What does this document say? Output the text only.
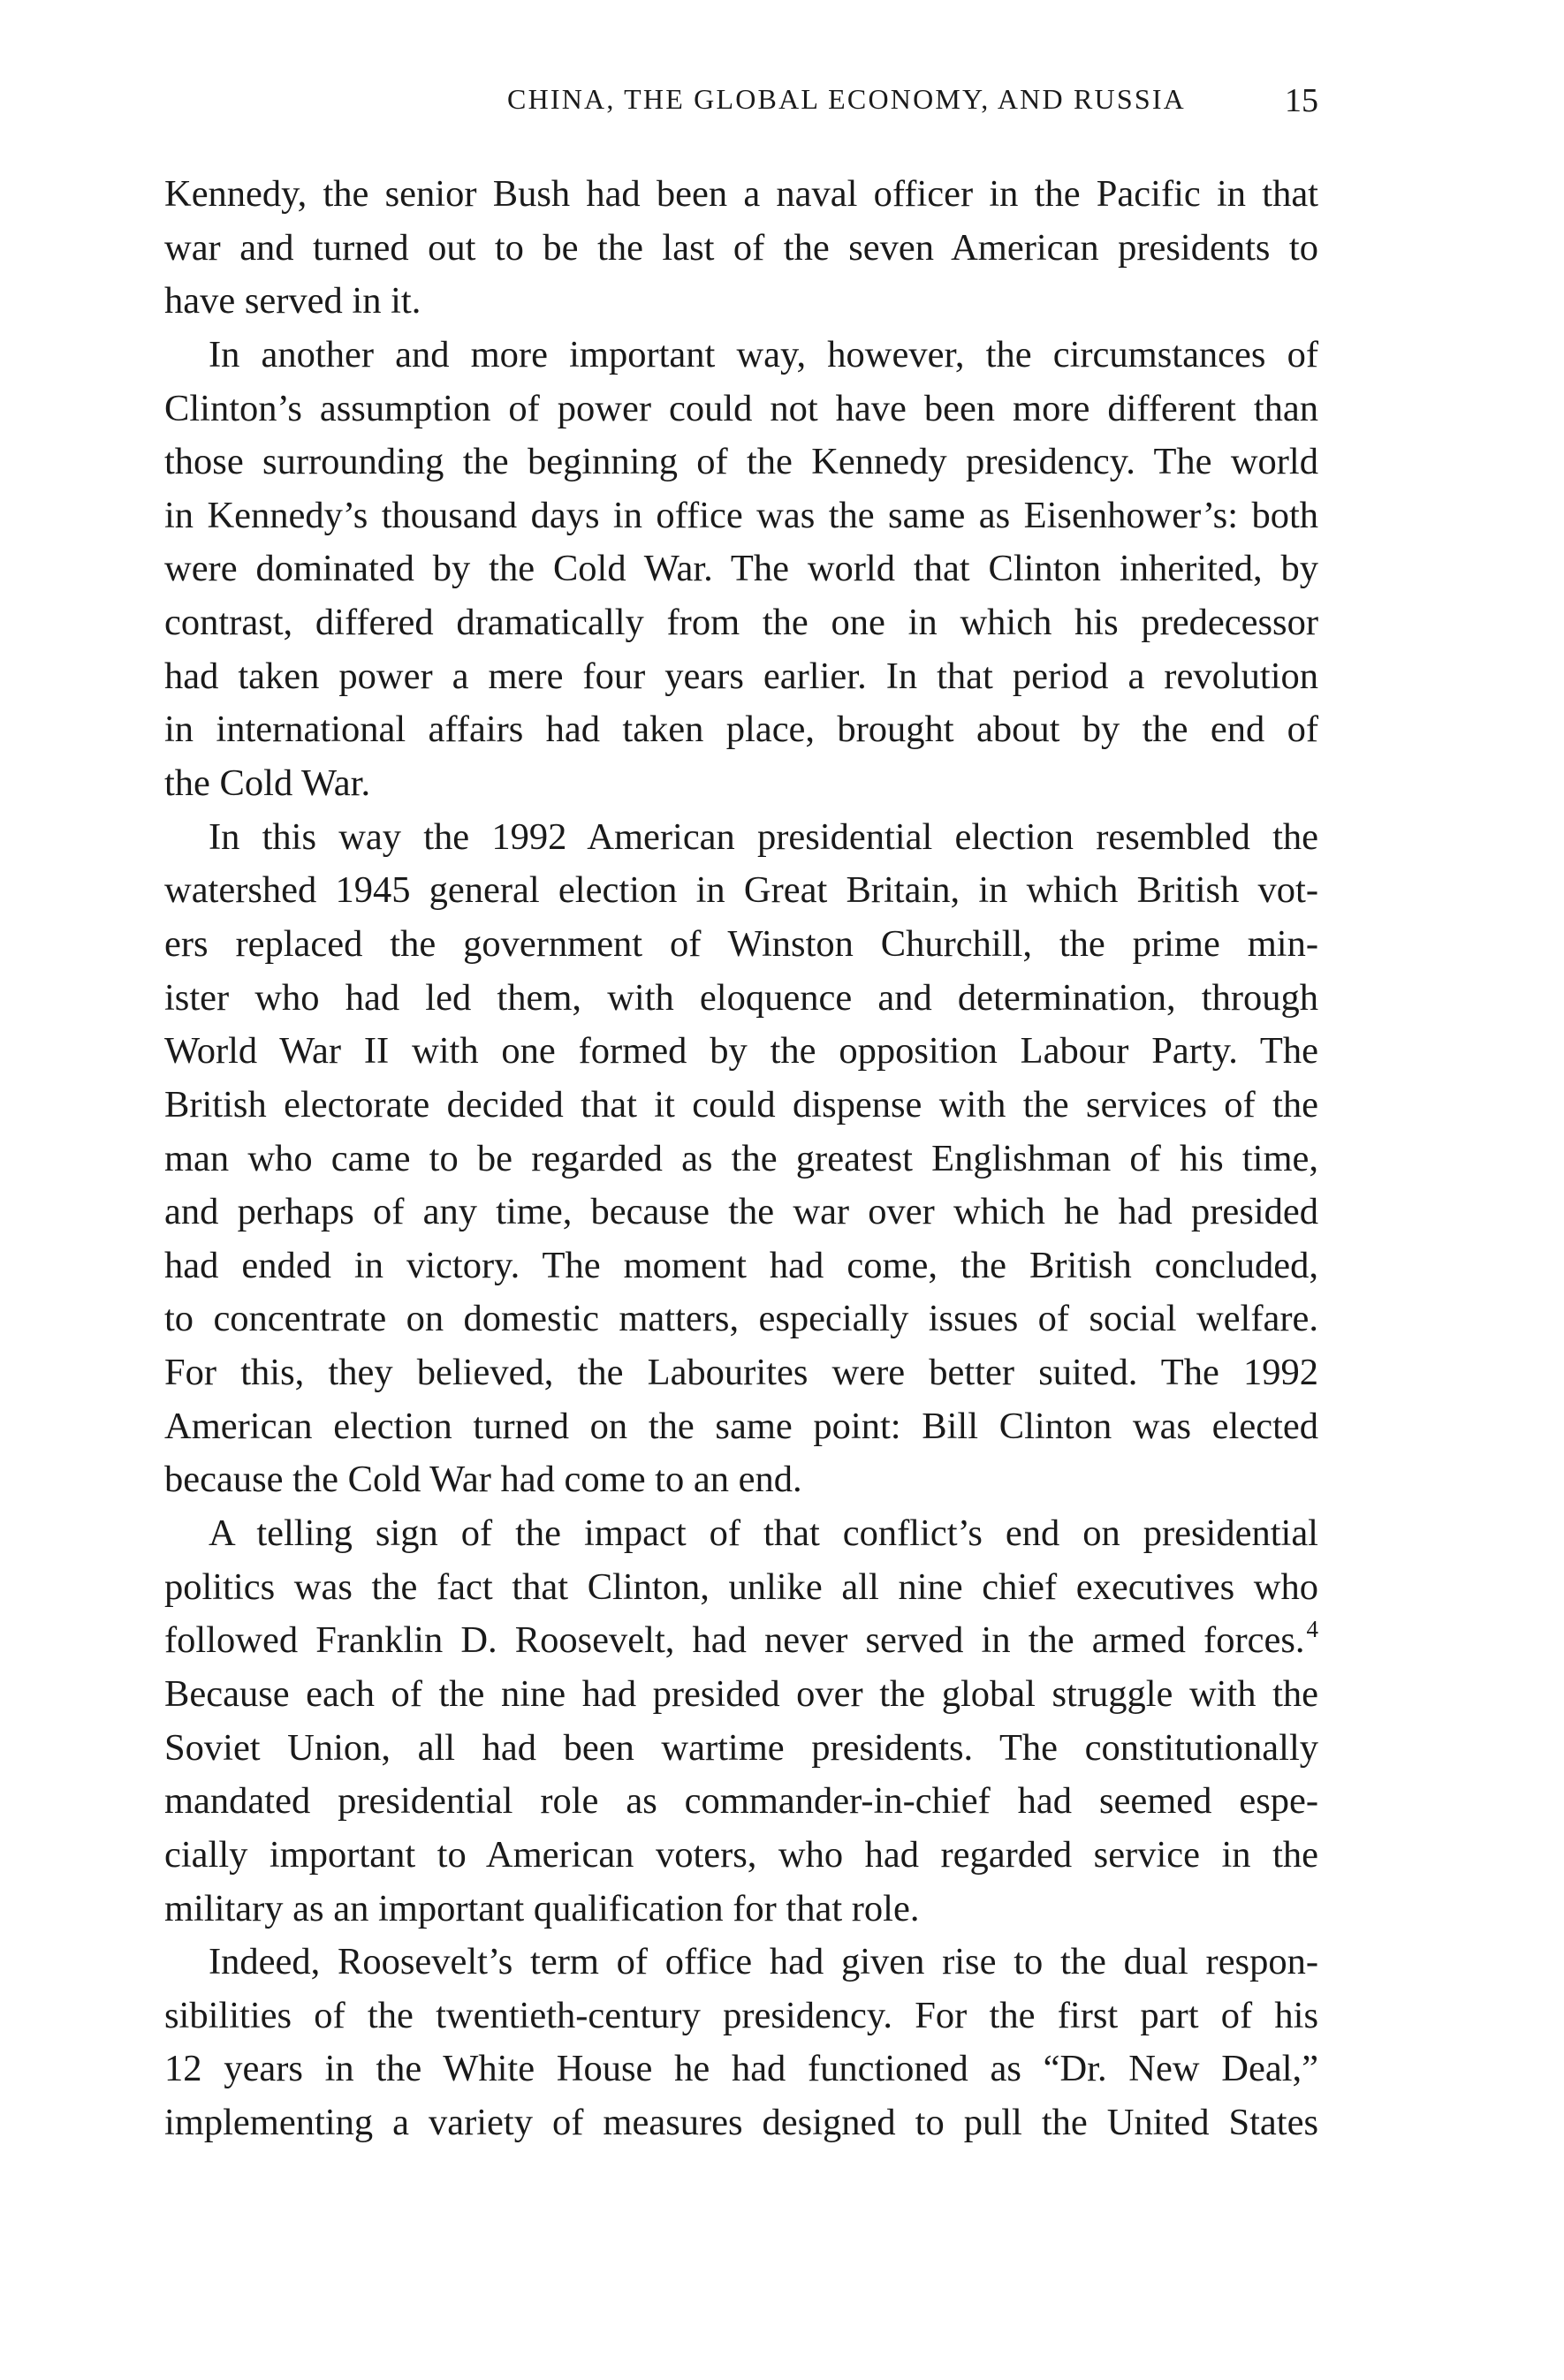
CHINA, THE GLOBAL ECONOMY, AND RUSSIA	15
Kennedy, the senior Bush had been a naval officer in the Pacific in that
war and turned out to be the last of the seven American presidents to
have served in it.
In another and more important way, however, the circumstances of
Clinton’s assumption of power could not have been more different than
those surrounding the beginning of the Kennedy presidency. The world
in Kennedy’s thousand days in office was the same as Eisenhower’s: both
were dominated by the Cold War. The world that Clinton inherited, by
contrast, differed dramatically from the one in which his predecessor
had taken power a mere four years earlier. In that period a revolution
in international affairs had taken place, brought about by the end of
the Cold War.
In this way the 1992 American presidential election resembled the
watershed 1945 general election in Great Britain, in which British vot-
ers replaced the government of Winston Churchill, the prime min-
ister who had led them, with eloquence and determination, through
World War II with one formed by the opposition Labour Party. The
British electorate decided that it could dispense with the services of the
man who came to be regarded as the greatest Englishman of his time,
and perhaps of any time, because the war over which he had presided
had ended in victory. The moment had come, the British concluded,
to concentrate on domestic matters, especially issues of social welfare.
For this, they believed, the Labourites were better suited. The 1992
American election turned on the same point: Bill Clinton was elected
because the Cold War had come to an end.
A telling sign of the impact of that conflict’s end on presidential
politics was the fact that Clinton, unlike all nine chief executives who
followed Franklin D. Roosevelt, had never served in the armed forces.$^4$
Because each of the nine had presided over the global struggle with the
Soviet Union, all had been wartime presidents. The constitutionally
mandated presidential role as commander-in-chief had seemed espe-
cially important to American voters, who had regarded service in the
military as an important qualification for that role.
Indeed, Roosevelt’s term of office had given rise to the dual respon-
sibilities of the twentieth-century presidency. For the first part of his
12 years in the White House he had functioned as “Dr. New Deal,”
implementing a variety of measures designed to pull the United States
